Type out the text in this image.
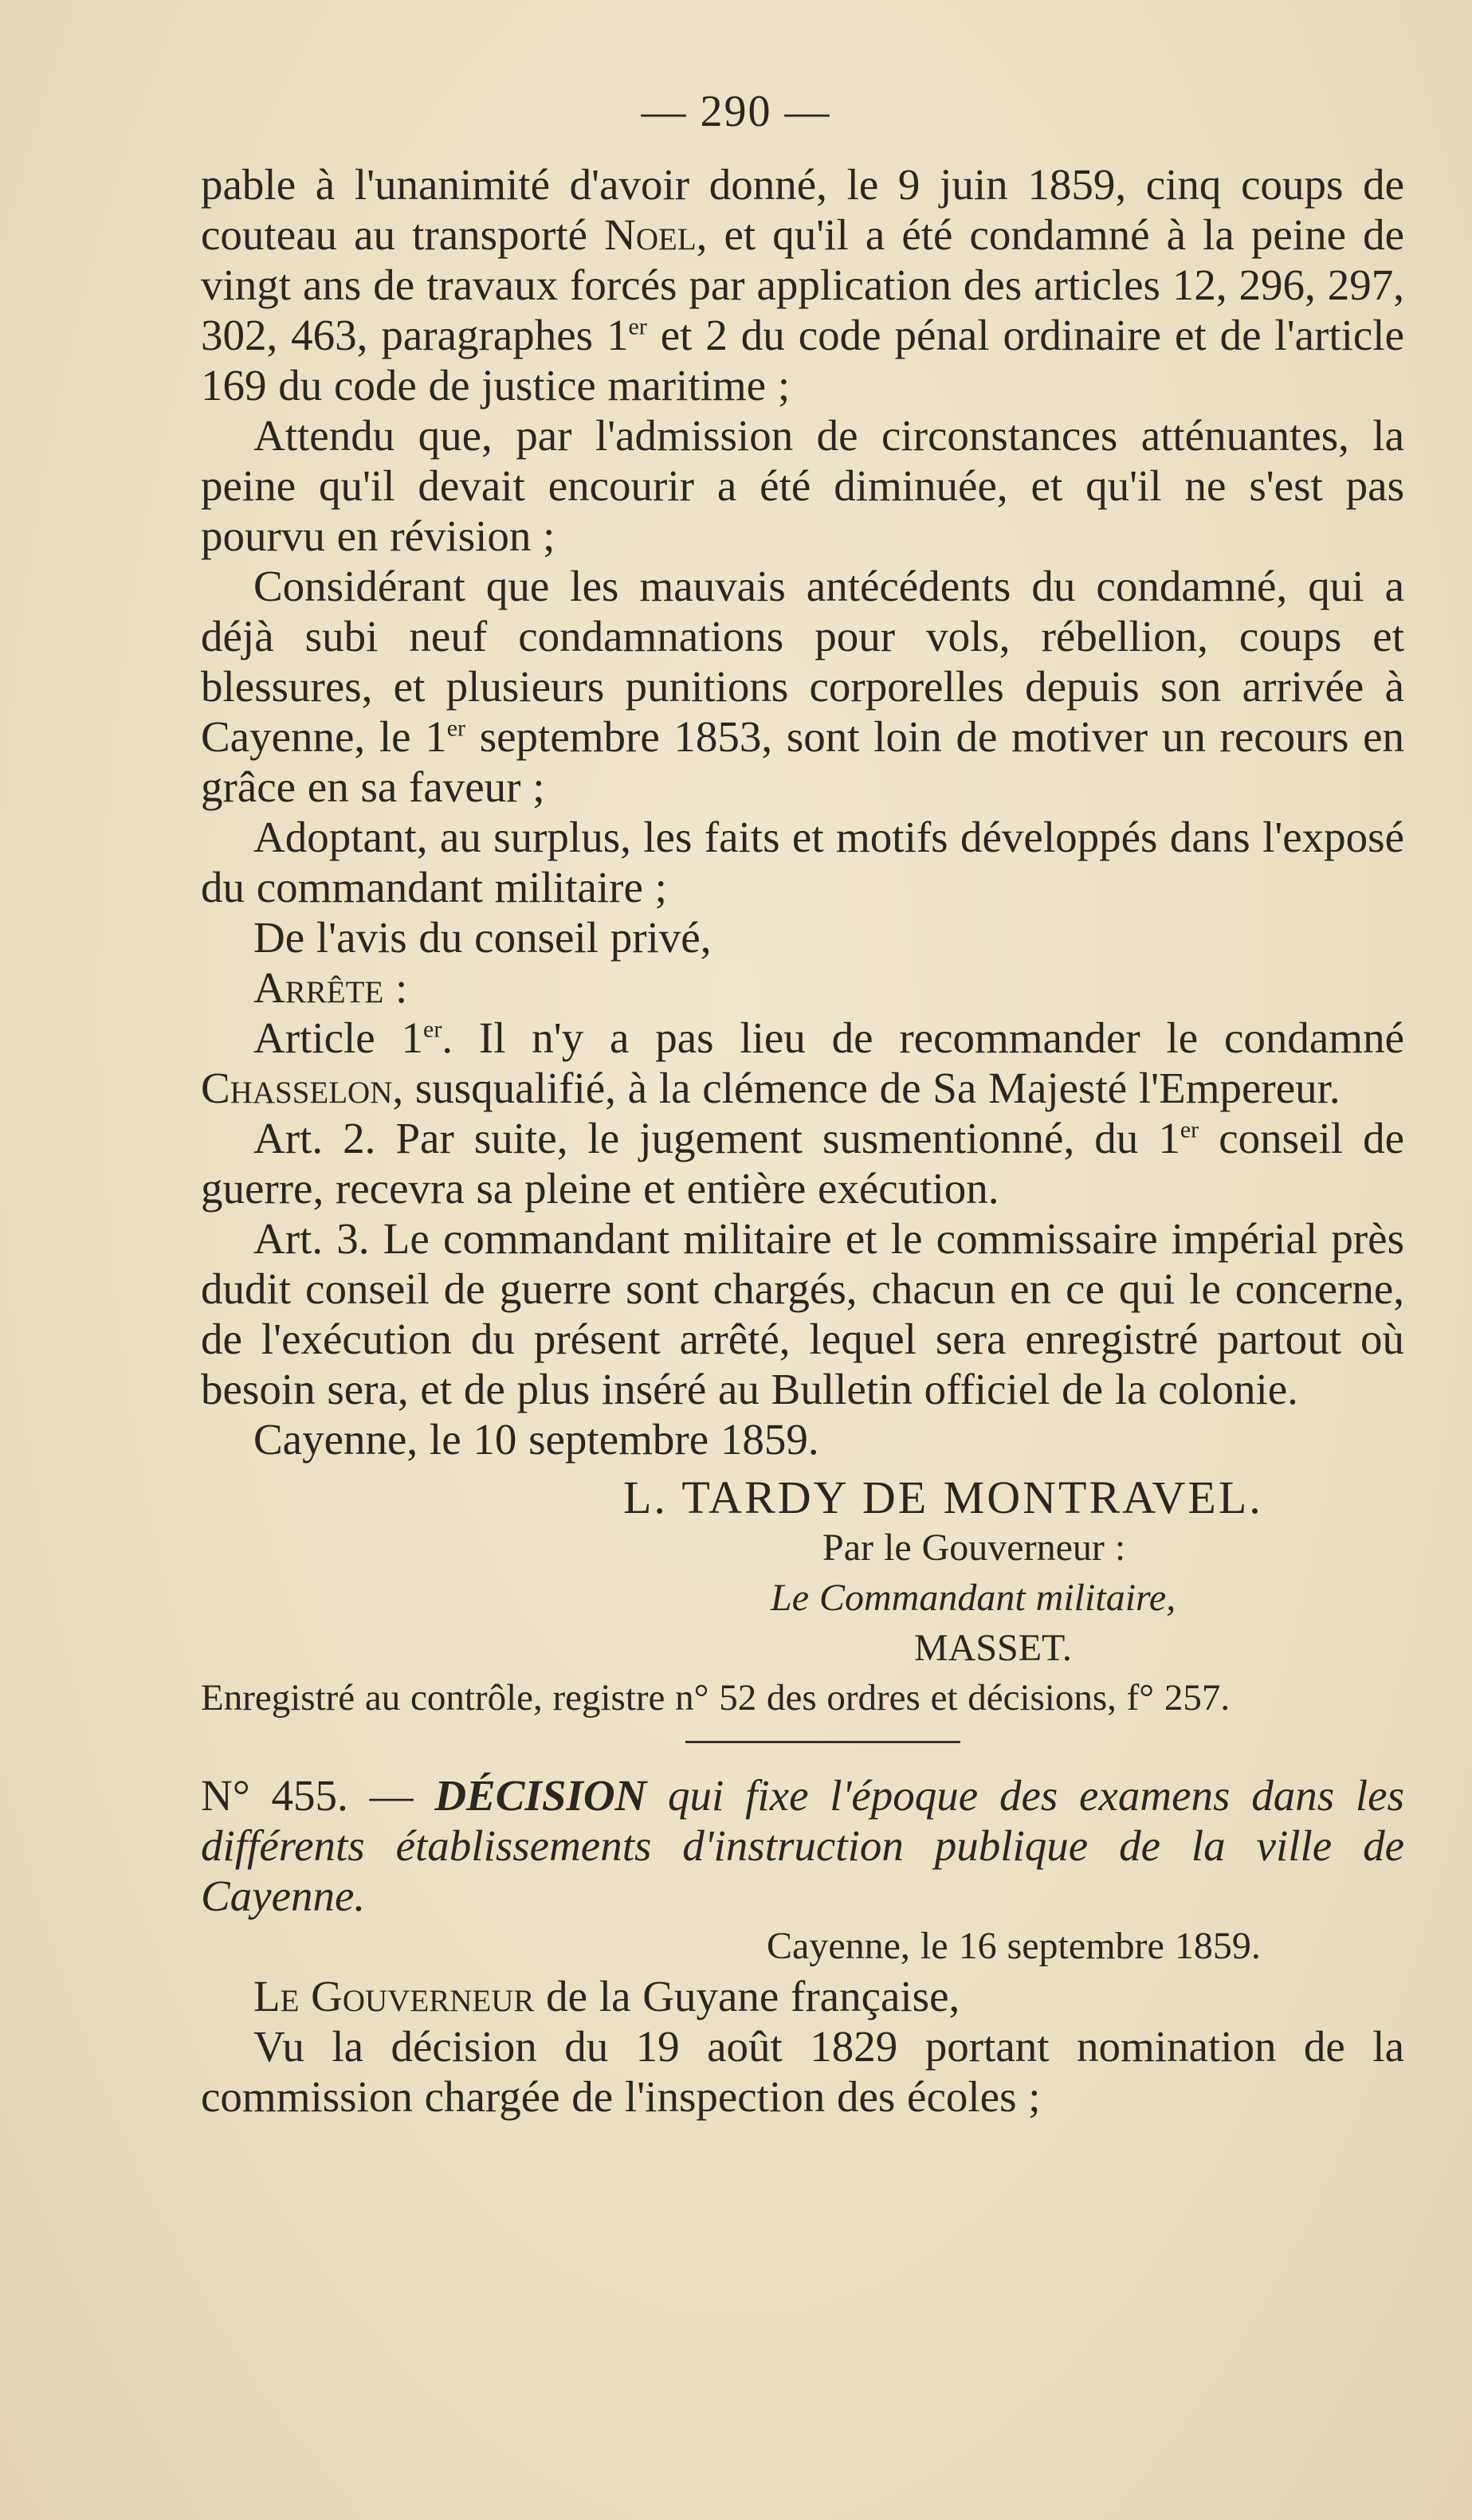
— 290 —

pable à l'unanimité d'avoir donné, le 9 juin 1859, cinq coups de couteau au transporté Noel, et qu'il a été condamné à la peine de vingt ans de travaux forcés par application des articles 12, 296, 297, 302, 463, paragraphes 1er et 2 du code pénal ordinaire et de l'article 169 du code de justice maritime ;

Attendu que, par l'admission de circonstances atténuantes, la peine qu'il devait encourir a été diminuée, et qu'il ne s'est pas pourvu en révision ;

Considérant que les mauvais antécédents du condamné, qui a déjà subi neuf condamnations pour vols, rébellion, coups et blessures, et plusieurs punitions corporelles depuis son arrivée à Cayenne, le 1er septembre 1853, sont loin de motiver un recours en grâce en sa faveur ;

Adoptant, au surplus, les faits et motifs développés dans l'exposé du commandant militaire ;

De l'avis du conseil privé,

Arrête :

Article 1er. Il n'y a pas lieu de recommander le condamné Chasselon, susqualifié, à la clémence de Sa Majesté l'Empereur.

Art. 2. Par suite, le jugement susmentionné, du 1er conseil de guerre, recevra sa pleine et entière exécution.

Art. 3. Le commandant militaire et le commissaire impérial près dudit conseil de guerre sont chargés, chacun en ce qui le concerne, de l'exécution du présent arrêté, lequel sera enregistré partout où besoin sera, et de plus inséré au Bulletin officiel de la colonie.

Cayenne, le 10 septembre 1859.

L. TARDY DE MONTRAVEL.

Par le Gouverneur :

Le Commandant militaire,

MASSET.

Enregistré au contrôle, registre n° 52 des ordres et décisions, f° 257.

N° 455. — DÉCISION qui fixe l'époque des examens dans les différents établissements d'instruction publique de la ville de Cayenne.

Cayenne, le 16 septembre 1859.

Le Gouverneur de la Guyane française,

Vu la décision du 19 août 1829 portant nomination de la commission chargée de l'inspection des écoles ;
